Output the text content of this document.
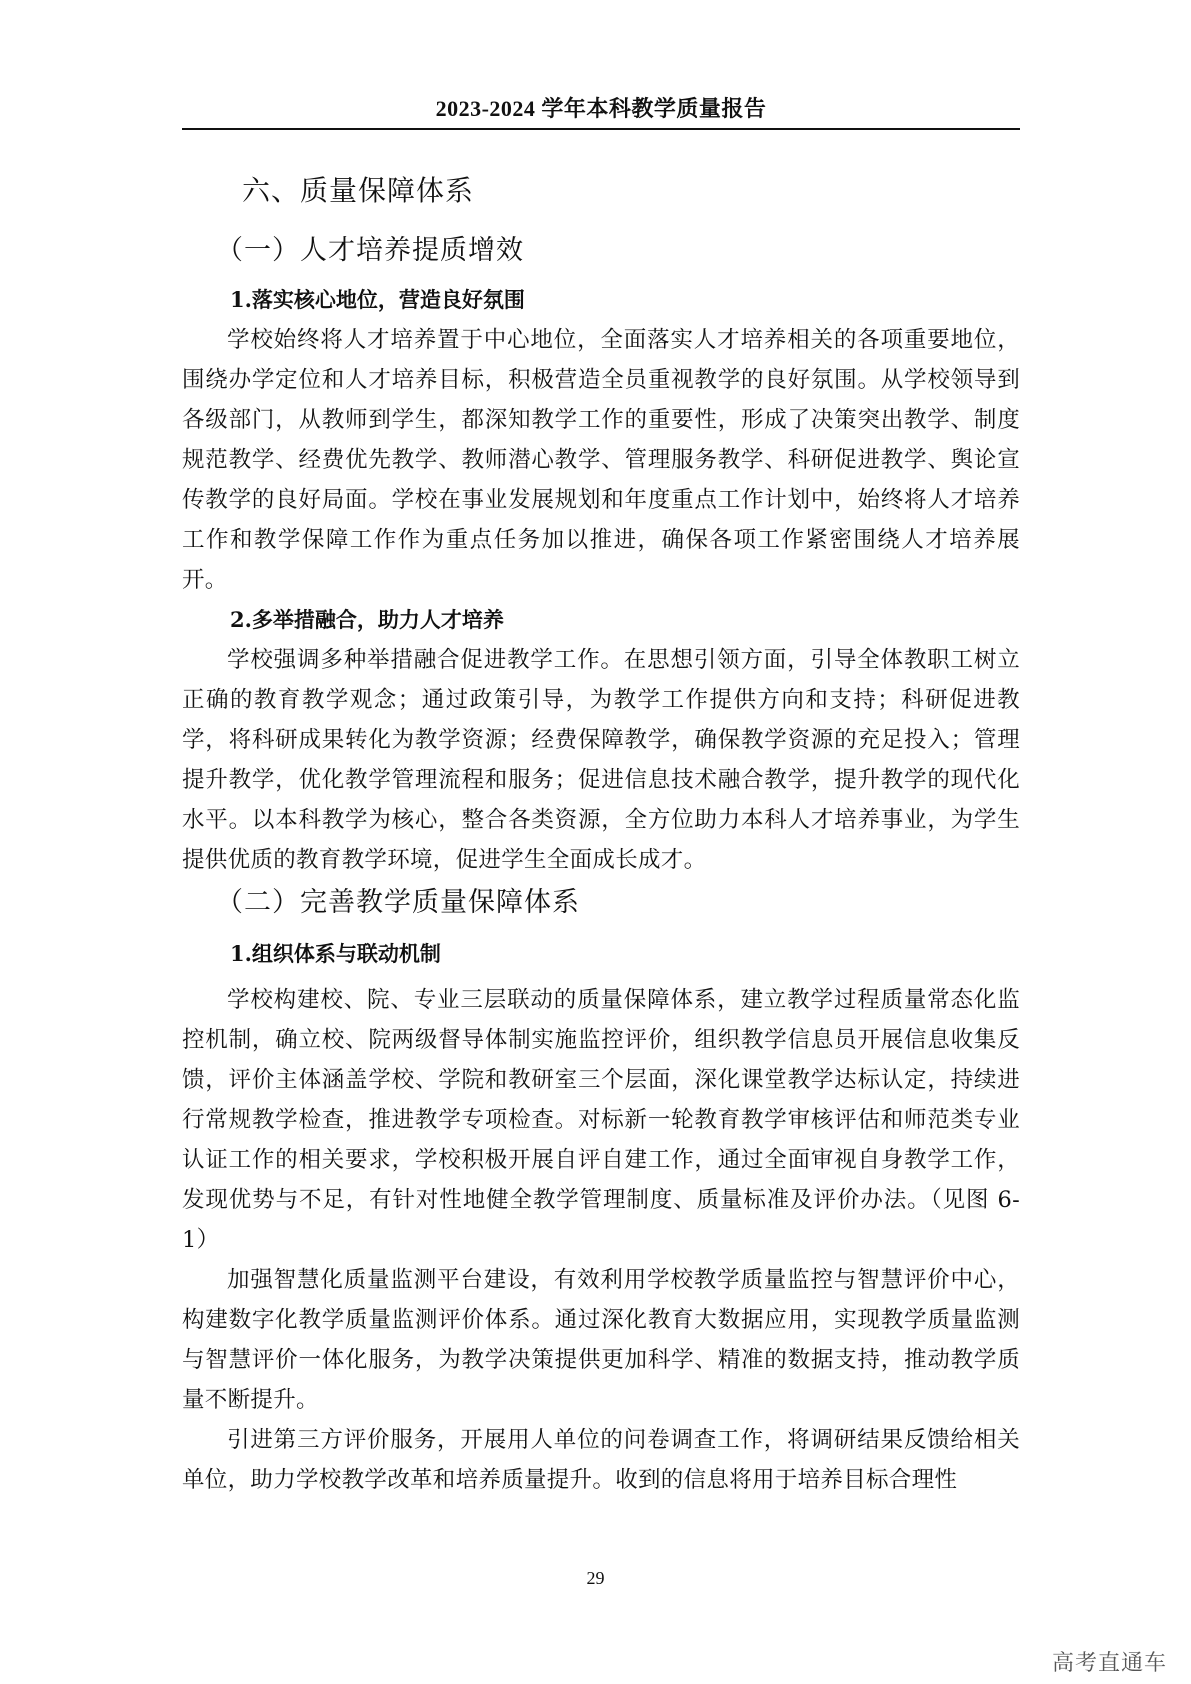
2023-2024 学年本科教学质量报告
六、质量保障体系
（一）人才培养提质增效
1.落实核心地位，营造良好氛围

学校始终将人才培养置于中心地位，全面落实人才培养相关的各项重要地位，围绕办学定位和人才培养目标，积极营造全员重视教学的良好氛围。从学校领导到各级部门，从教师到学生，都深知教学工作的重要性，形成了决策突出教学、制度规范教学、经费优先教学、教师潜心教学、管理服务教学、科研促进教学、舆论宣传教学的良好局面。学校在事业发展规划和年度重点工作计划中，始终将人才培养工作和教学保障工作作为重点任务加以推进，确保各项工作紧密围绕人才培养展开。

2.多举措融合，助力人才培养

学校强调多种举措融合促进教学工作。在思想引领方面，引导全体教职工树立正确的教育教学观念；通过政策引导，为教学工作提供方向和支持；科研促进教学，将科研成果转化为教学资源；经费保障教学，确保教学资源的充足投入；管理提升教学，优化教学管理流程和服务；促进信息技术融合教学，提升教学的现代化水平。以本科教学为核心，整合各类资源，全方位助力本科人才培养事业，为学生提供优质的教育教学环境，促进学生全面成长成才。

（二）完善教学质量保障体系
1.组织体系与联动机制

学校构建校、院、专业三层联动的质量保障体系，建立教学过程质量常态化监控机制，确立校、院两级督导体制实施监控评价，组织教学信息员开展信息收集反馈，评价主体涵盖学校、学院和教研室三个层面，深化课堂教学达标认定，持续进行常规教学检查，推进教学专项检查。对标新一轮教育教学审核评估和师范类专业认证工作的相关要求，学校积极开展自评自建工作，通过全面审视自身教学工作，发现优势与不足，有针对性地健全教学管理制度、质量标准及评价办法。（见图 6-1）

加强智慧化质量监测平台建设，有效利用学校教学质量监控与智慧评价中心，构建数字化教学质量监测评价体系。通过深化教育大数据应用，实现教学质量监测与智慧评价一体化服务，为教学决策提供更加科学、精准的数据支持，推动教学质量不断提升。

引进第三方评价服务，开展用人单位的问卷调查工作，将调研结果反馈给相关单位，助力学校教学改革和培养质量提升。收到的信息将用于培养目标合理性

29
高考直通车
